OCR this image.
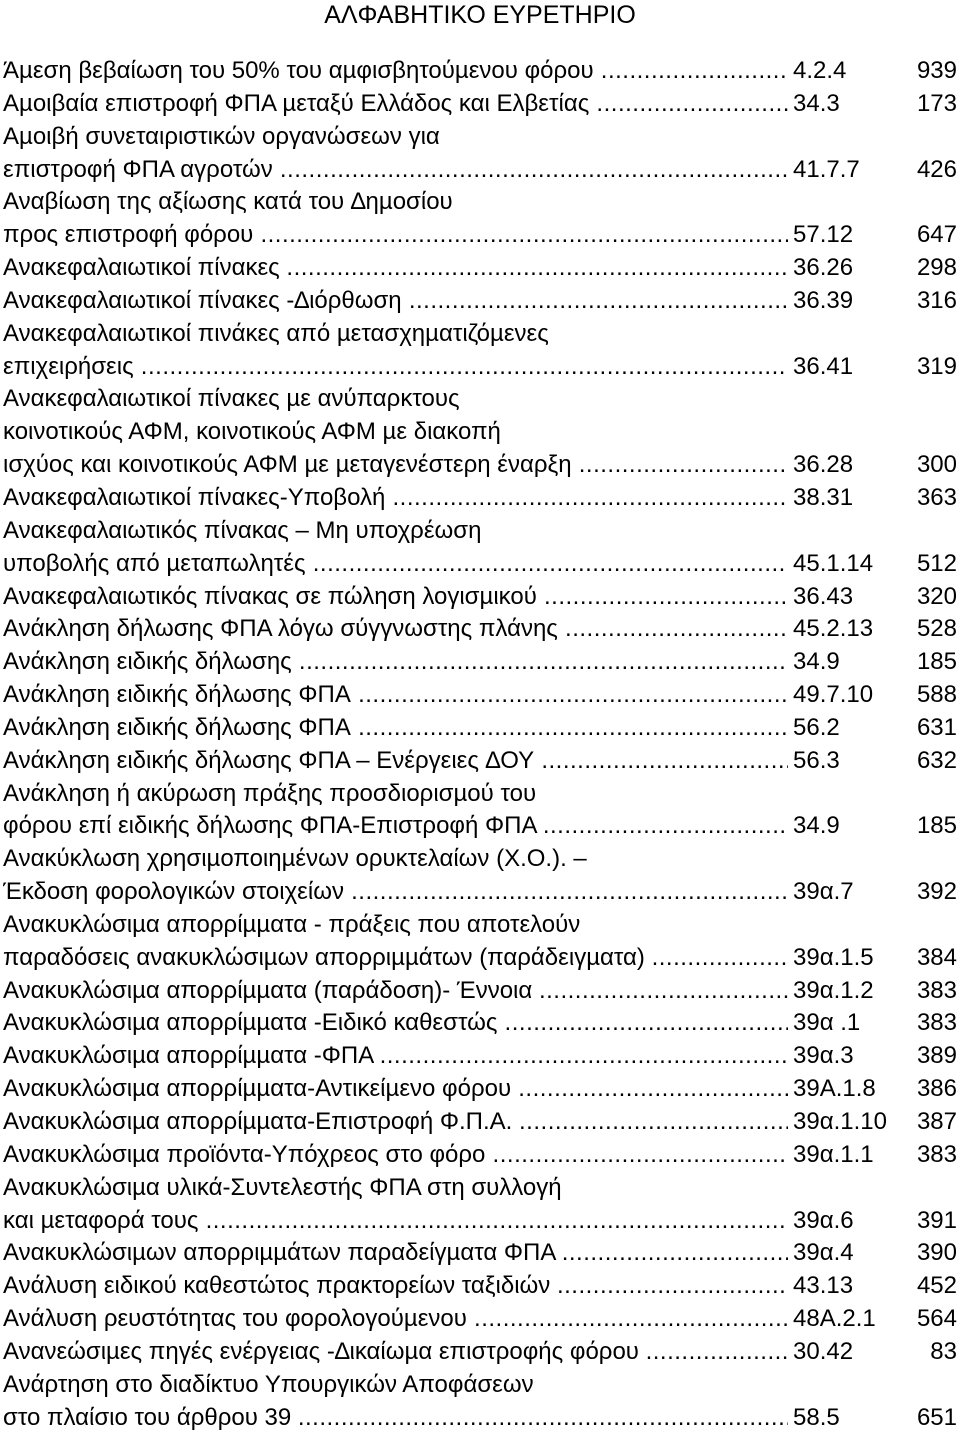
ΑΛΦΑΒΗΤΙΚΟ ΕΥΡΕΤΗΡΙΟ
Άµεση βεβαίωση του 50% του αµφισβητούµενου φόρου .....	4.2.4	939
Αµοιβαία επιστροφή ΦΠΑ µεταξύ Ελλάδος και Ελβετίας .....	34.3	173
Αµοιβή συνεταιριστικών οργανώσεων για
επιστροφή ΦΠΑ αγροτών .....	41.7.7	426
Αναβίωση της αξίωσης κατά του ∆ηµοσίου
προς επιστροφή φόρου .....	57.12	647
Ανακεφαλαιωτικοί πίνακες .....	36.26	298
Ανακεφαλαιωτικοί πίνακες -∆ιόρθωση .....	36.39	316
Ανακεφαλαιωτικοί πινάκες από µετασχηµατιζόµενες
επιχειρήσεις .....	36.41	319
Ανακεφαλαιωτικοί πίνακες µε ανύπαρκτους
κοινοτικούς ΑΦΜ, κοινοτικούς ΑΦΜ µε διακοπή
ισχύος και κοινοτικούς ΑΦΜ µε µεταγενέστερη έναρξη .....	36.28	300
Ανακεφαλαιωτικοί πίνακες-Υποβολή .....	38.31	363
Ανακεφαλαιωτικός πίνακας – Μη υποχρέωση
υποβολής από µεταπωλητές .....	45.1.14	512
Ανακεφαλαιωτικός πίνακας σε πώληση λογισµικού .....	36.43	320
Ανάκληση δήλωσης ΦΠΑ λόγω σύγγνωστης πλάνης .....	45.2.13	528
Ανάκληση ειδικής δήλωσης .....	34.9	185
Ανάκληση ειδικής δήλωσης ΦΠΑ .....	49.7.10	588
Ανάκληση ειδικής δήλωσης ΦΠΑ .....	56.2	631
Ανάκληση ειδικής δήλωσης ΦΠΑ – Ενέργειες ∆ΟΥ .....	56.3	632
Ανάκληση ή ακύρωση πράξης προσδιορισµού του
φόρου επί ειδικής δήλωσης ΦΠΑ-Επιστροφή ΦΠΑ .....	34.9	185
Ανακύκλωση χρησιµοποιηµένων ορυκτελαίων (Χ.Ο.). –
Έκδοση φορολογικών στοιχείων .....	39α.7	392
Ανακυκλώσιµα απορρίµµατα - πράξεις που αποτελούν
παραδόσεις ανακυκλώσιµων απορριµµάτων (παράδειγµατα) .....	39α.1.5	384
Ανακυκλώσιµα απορρίµµατα (παράδοση)- Έννοια .....	39α.1.2	383
Ανακυκλώσιµα απορρίµµατα -Ειδικό καθεστώς .....	39α .1	383
Ανακυκλώσιµα απορρίµµατα -ΦΠΑ .....	39α.3	389
Ανακυκλώσιµα απορρίµµατα-Αντικείµενο φόρου .....	39Α.1.8	386
Ανακυκλώσιµα απορρίµµατα-Επιστροφή Φ.Π.Α. .....	39α.1.10	387
Ανακυκλώσιµα προϊόντα-Υπόχρεος στο φόρο .....	39α.1.1	383
Ανακυκλώσιµα υλικά-Συντελεστής ΦΠΑ στη συλλογή
και µεταφορά τους .....	39α.6	391
Ανακυκλώσιµων απορριµµάτων παραδείγµατα ΦΠΑ .....	39α.4	390
Ανάλυση ειδικού καθεστώτος πρακτορείων ταξιδιών .....	43.13	452
Ανάλυση ρευστότητας του φορολογούµενου .....	48Α.2.1	564
Ανανεώσιµες πηγές ενέργειας -∆ικαίωµα επιστροφής φόρου .....	30.42	83
Ανάρτηση στο διαδίκτυο Υπουργικών Αποφάσεων
στο πλαίσιο του άρθρου 39 .....	58.5	651
